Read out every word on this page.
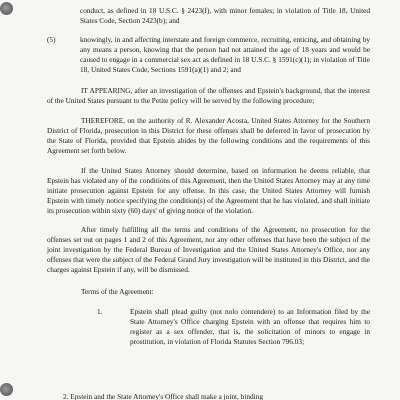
conduct, as defined in 18 U.S.C. § 2423(f), with minor females; in violation of Title 18, United States Code, Section 2423(b); and
(5)	knowingly, in and affecting interstate and foreign commerce, recruiting, enticing, and obtaining by any means a person, knowing that the person had not attained the age of 18 years and would be caused to engage in a commercial sex act as defined in 18 U.S.C. § 1591(c)(1); in violation of Title 18, United States Code, Sections 1591(a)(1) and 2; and

IT APPEARING, after an investigation of the offenses and Epstein's background, that the interest of the United States pursuant to the Petite policy will be served by the following procedure;

THEREFORE, on the authority of R. Alexander Acosta, United States Attorney for the Southern District of Florida, prosecution in this District for these offenses shall be deferred in favor of prosecution by the State of Florida, provided that Epstein abides by the following conditions and the requirements of this Agreement set forth below.

If the United States Attorney should determine, based on information he deems reliable, that Epstein has violated any of the conditions of this Agreement, then the United States Attorney may at any time initiate prosecution against Epstein for any offense. In this case, the United States Attorney will furnish Epstein with timely notice specifying the condition(s) of the Agreement that he has violated, and shall initiate its prosecution within sixty (60) days' of giving notice of the violation.

After timely fulfilling all the terms and conditions of the Agreement, no prosecution for the offenses set out on pages 1 and 2 of this Agreement, nor any other offenses that have been the subject of the joint investigation by the Federal Bureau of Investigation and the United States Attorney's Office, nor any offenses that were the subject of the Federal Grand Jury investigation will be instituted in this District, and the charges against Epstein if any, will be dismissed.

Terms of the Agreement:
1.	Epstein shall plead guilty (not nolo contendere) to an Information filed by the State Attorney's Office charging Epstein with an offense that requires him to register as a sex offender, that is, the solicitation of minors to engage in prostitution, in violation of Florida Statutes Section 796.03;
2. Epstein and the State Attorney's Office shall make a joint, binding
